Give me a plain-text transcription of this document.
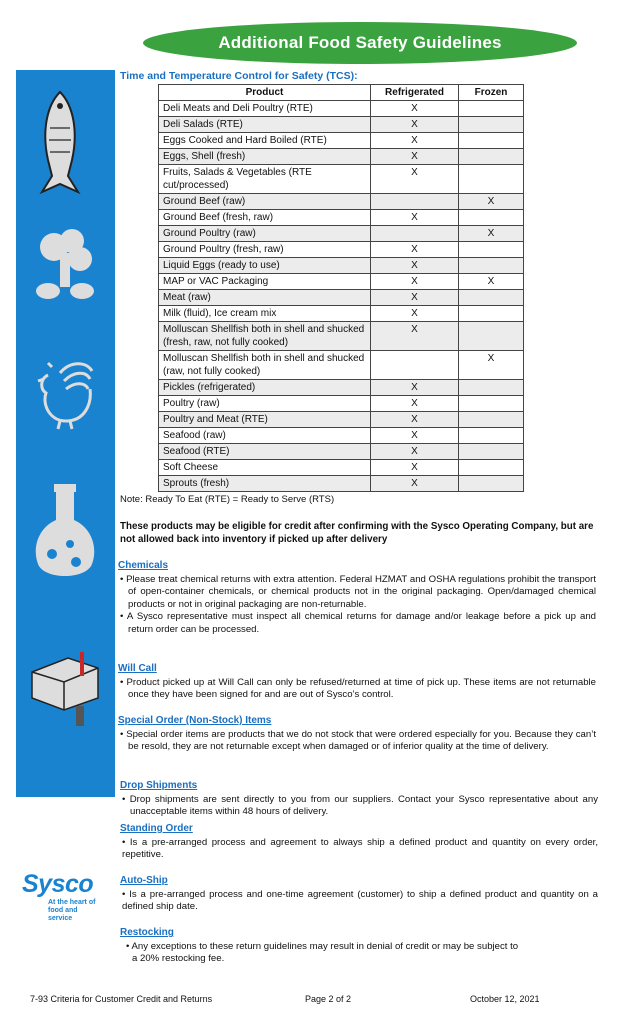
Additional Food Safety Guidelines
Time and Temperature Control for Safety (TCS):
Product	Refrigerated	Frozen
Deli Meats and Deli Poultry (RTE)	X	
Deli Salads (RTE)	X	
Eggs Cooked and Hard Boiled (RTE)	X	
Eggs, Shell (fresh)	X	
Fruits, Salads & Vegetables (RTE cut/processed)	X	
Ground Beef (raw)		X
Ground Beef (fresh, raw)	X	
Ground Poultry (raw)		X
Ground Poultry (fresh, raw)	X	
Liquid Eggs (ready to use)	X	
MAP or VAC Packaging	X	X
Meat (raw)	X	
Milk (fluid), Ice cream mix	X	
Molluscan Shellfish both in shell and shucked (fresh, raw, not fully cooked)	X	
Molluscan Shellfish both in shell and shucked (raw, not fully cooked)		X
Pickles (refrigerated)	X	
Poultry (raw)	X	
Poultry and Meat (RTE)	X	
Seafood (raw)	X	
Seafood (RTE)	X	
Soft Cheese	X	
Sprouts (fresh)	X	
Note: Ready To Eat (RTE) = Ready to Serve (RTS)
These products may be eligible for credit after confirming with the Sysco Operating Company, but are not allowed back into inventory if picked up after delivery
Chemicals
• Please treat chemical returns with extra attention. Federal HZMAT and OSHA regulations prohibit the transport of open-container chemicals, or chemical products not in the original packaging. Open/damaged chemical products or not in original packaging are non-returnable.
• A Sysco representative must inspect all chemical returns for damage and/or leakage before a pick up and return order can be processed.
Will Call
• Product picked up at Will Call can only be refused/returned at time of pick up. These items are not returnable once they have been signed for and are out of Sysco’s control.
Special Order (Non-Stock) Items
• Special order items are products that we do not stock that were ordered especially for you. Because they can’t be resold, they are not returnable except when damaged or of inferior quality at the time of delivery.
Drop Shipments
• Drop shipments are sent directly to you from our suppliers. Contact your Sysco representative about any unacceptable items within 48 hours of delivery.
Standing Order
• Is a pre-arranged process and agreement to always ship a defined product and quantity on every order, repetitive.
Auto-Ship
• Is a pre-arranged process and one-time agreement (customer) to ship a defined product and quantity on a defined ship date.
Restocking
• Any exceptions to these return guidelines may result in denial of credit or may be subject to a 20% restocking fee.
Sysco
At the heart of
food and service
7-93 Criteria for Customer Credit and Returns	Page 2 of 2	October 12, 2021
